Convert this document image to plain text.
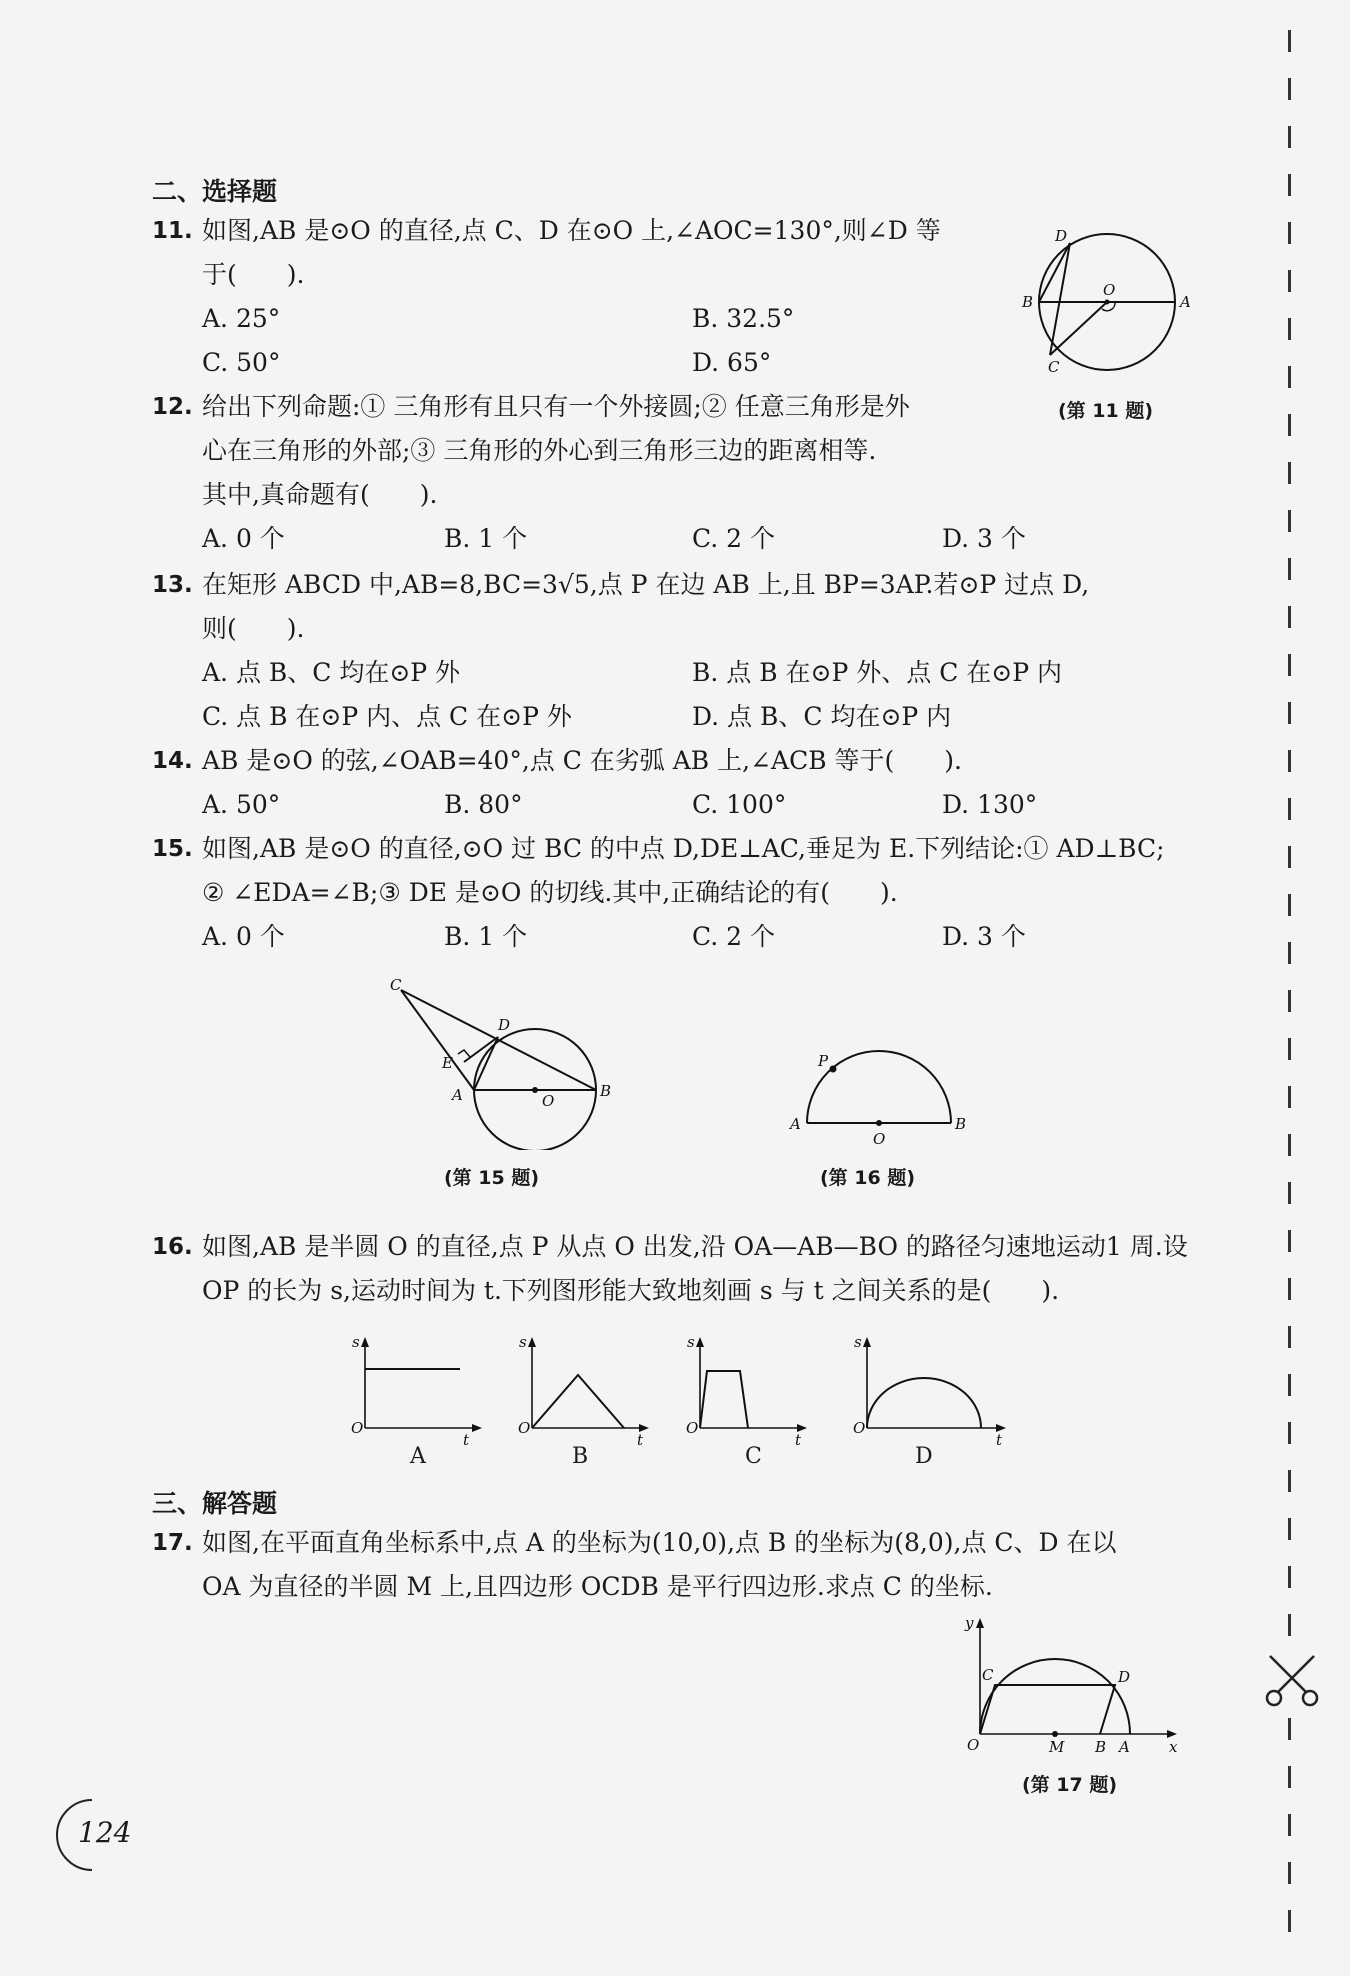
二、选择题
11. 如图,AB 是⊙O 的直径,点 C、D 在⊙O 上,∠AOC=130°,则∠D 等
于(　　).
A. 25°	B. 32.5°
C. 50°	D. 65°
D
B	A
O
C
(第 11 题)
12. 给出下列命题:① 三角形有且只有一个外接圆;② 任意三角形是外
心在三角形的外部;③ 三角形的外心到三角形三边的距离相等.
其中,真命题有(　　).
A. 0 个	B. 1 个	C. 2 个	D. 3 个
13. 在矩形 ABCD 中,AB=8,BC=3√5,点 P 在边 AB 上,且 BP=3AP.若⊙P 过点 D,
则(　　).
A. 点 B、C 均在⊙P 外	B. 点 B 在⊙P 外、点 C 在⊙P 内
C. 点 B 在⊙P 内、点 C 在⊙P 外	D. 点 B、C 均在⊙P 内
14. AB 是⊙O 的弦,∠OAB=40°,点 C 在劣弧 AB 上,∠ACB 等于(　　).
A. 50°	B. 80°	C. 100°	D. 130°
15. 如图,AB 是⊙O 的直径,⊙O 过 BC 的中点 D,DE⊥AC,垂足为 E.下列结论:① AD⊥BC;
② ∠EDA=∠B;③ DE 是⊙O 的切线.其中,正确结论的有(　　).
A. 0 个	B. 1 个	C. 2 个	D. 3 个
C
D
E
A	B
O
(第 15 题)
P
A	B
O
(第 16 题)
16. 如图,AB 是半圆 O 的直径,点 P 从点 O 出发,沿 OA—AB—BO 的路径匀速地运动1 周.设
OP 的长为 s,运动时间为 t.下列图形能大致地刻画 s 与 t 之间关系的是(　　).
s
O
t
s
O
t
s
O
t
s
O
t
A	B	C	D
三、解答题
17. 如图,在平面直角坐标系中,点 A 的坐标为(10,0),点 B 的坐标为(8,0),点 C、D 在以
OA 为直径的半圆 M 上,且四边形 OCDB 是平行四边形.求点 C 的坐标.
y
O
C	D
M B A	x
(第 17 题)
124
